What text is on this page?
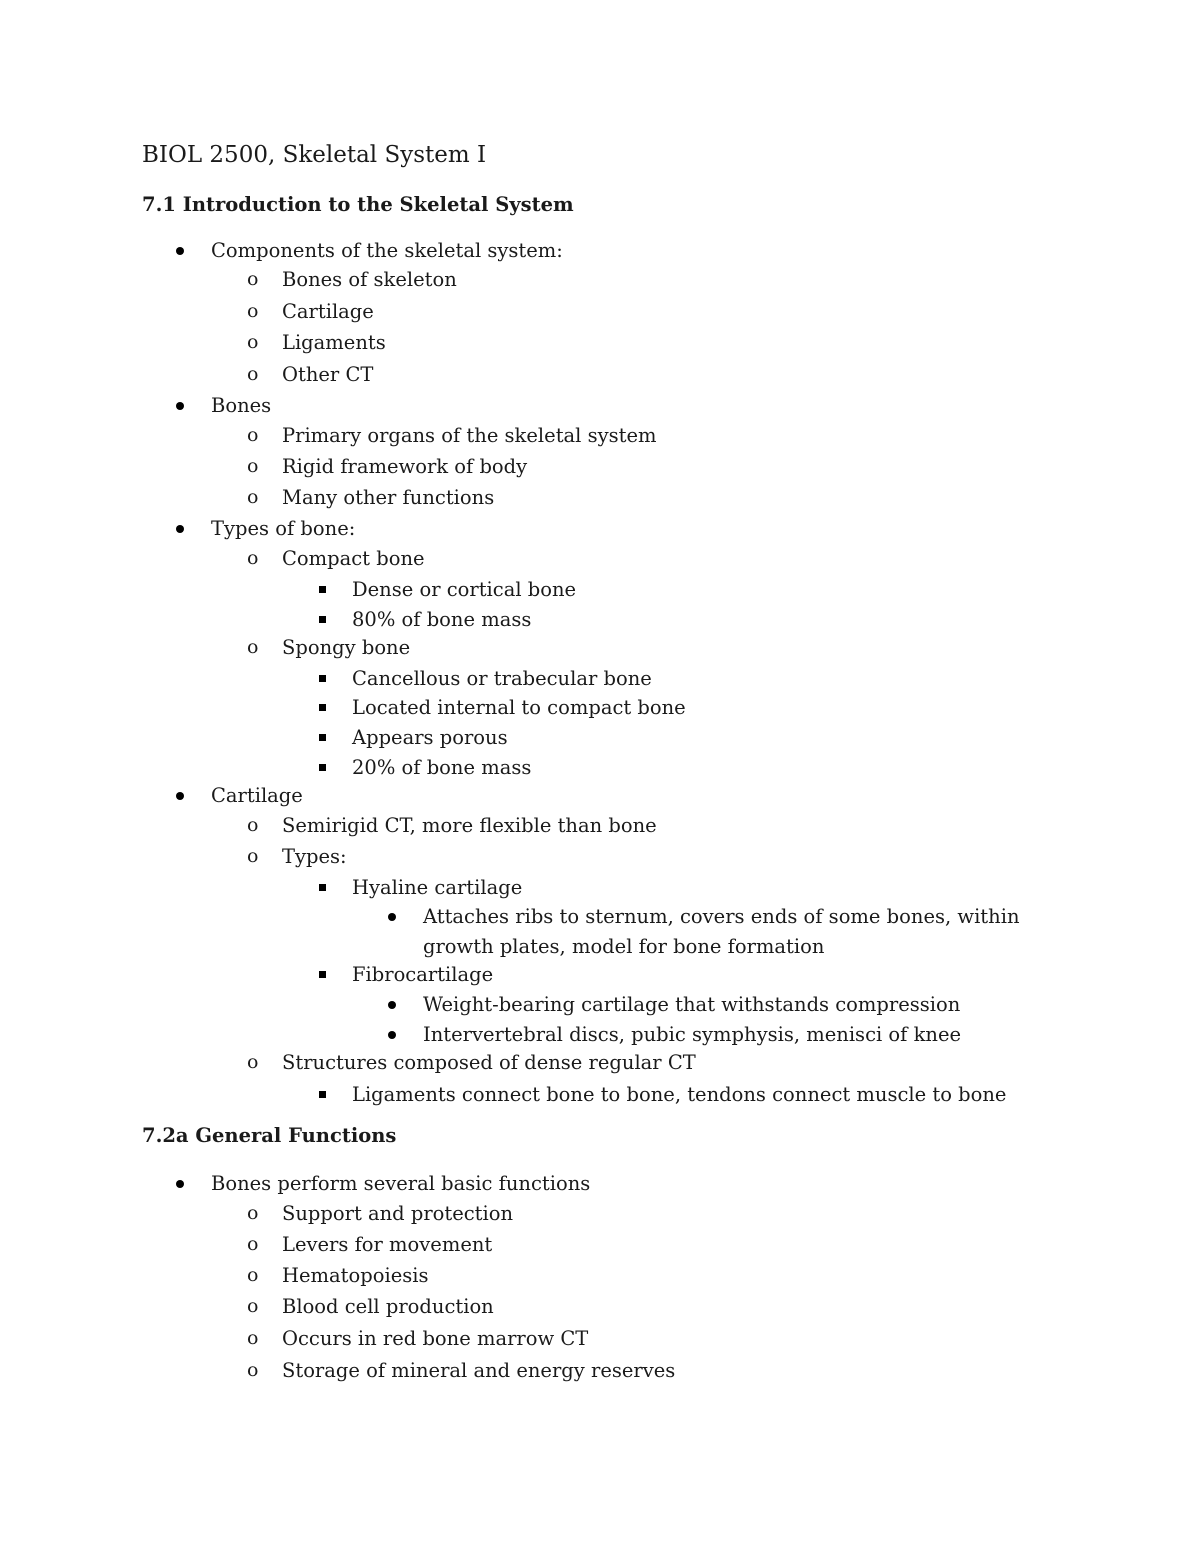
BIOL 2500, Skeletal System I
7.1 Introduction to the Skeletal System
Components of the skeletal system:
Bones of skeleton
o
Cartilage
o
Ligaments
o
Other CT
o
Bones
Primary organs of the skeletal system
o
Rigid framework of body
o
Many other functions
o
Types of bone:
Compact bone
o
Dense or cortical bone
80% of bone mass
Spongy bone
o
Cancellous or trabecular bone
Located internal to compact bone
Appears porous
20% of bone mass
Cartilage
Semirigid CT, more flexible than bone
o
Types:
o
Hyaline cartilage
Attaches ribs to sternum, covers ends of some bones, within
growth plates, model for bone formation
Fibrocartilage
Weight-bearing cartilage that withstands compression
Intervertebral discs, pubic symphysis, menisci of knee
Structures composed of dense regular CT
o
Ligaments connect bone to bone, tendons connect muscle to bone
7.2a General Functions
Bones perform several basic functions
Support and protection
o
Levers for movement
o
Hematopoiesis
o
Blood cell production
o
Occurs in red bone marrow CT
o
Storage of mineral and energy reserves
o
